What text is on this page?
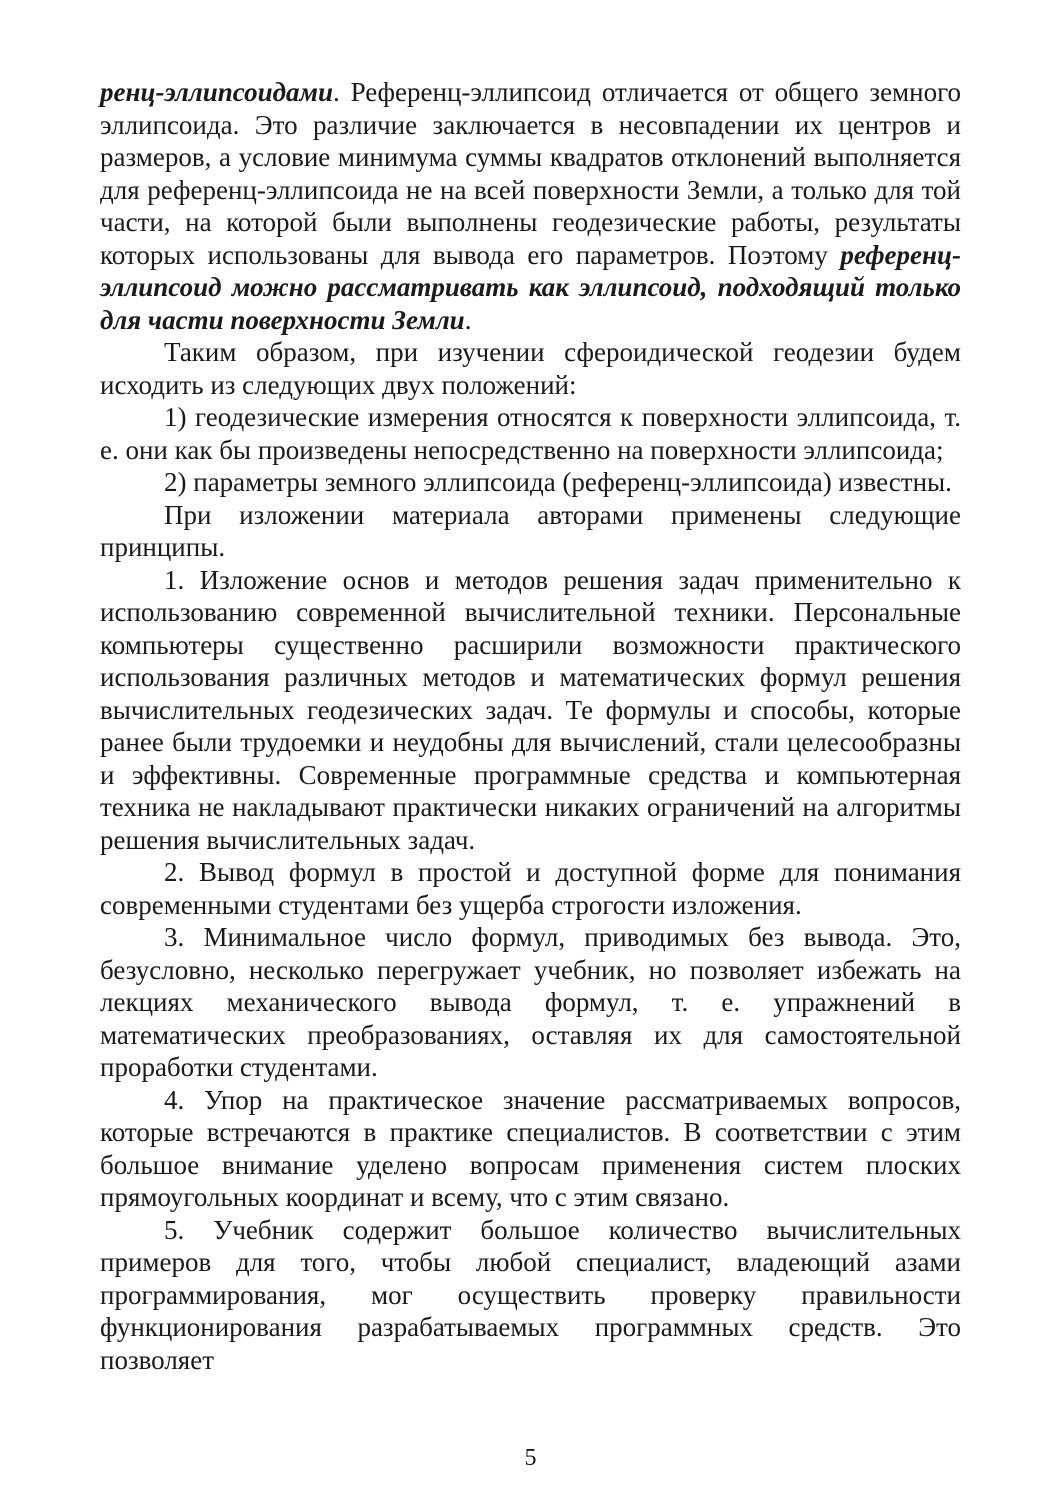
ренц-эллипсоидами. Референц-эллипсоид отличается от общего земного эллипсоида. Это различие заключается в несовпадении их центров и размеров, а условие минимума суммы квадратов отклонений выполняется для референц-эллипсоида не на всей поверхности Земли, а только для той части, на которой были выполнены геодезические работы, результаты которых использованы для вывода его параметров. Поэтому референц-эллипсоид можно рассматривать как эллипсоид, подходящий только для части поверхности Земли.

Таким образом, при изучении сфероидической геодезии будем исходить из следующих двух положений:

1) геодезические измерения относятся к поверхности эллипсоида, т. е. они как бы произведены непосредственно на поверхности эллипсоида;

2) параметры земного эллипсоида (референц-эллипсоида) известны.

При изложении материала авторами применены следующие принципы.

1. Изложение основ и методов решения задач применительно к использованию современной вычислительной техники. Персональные компьютеры существенно расширили возможности практического использования различных методов и математических формул решения вычислительных геодезических задач. Те формулы и способы, которые ранее были трудоемки и неудобны для вычислений, стали целесообразны и эффективны. Современные программные средства и компьютерная техника не накладывают практически никаких ограничений на алгоритмы решения вычислительных задач.

2. Вывод формул в простой и доступной форме для понимания современными студентами без ущерба строгости изложения.

3. Минимальное число формул, приводимых без вывода. Это, безусловно, несколько перегружает учебник, но позволяет избежать на лекциях механического вывода формул, т. е. упражнений в математических преобразованиях, оставляя их для самостоятельной проработки студентами.

4. Упор на практическое значение рассматриваемых вопросов, которые встречаются в практике специалистов. В соответствии с этим большое внимание уделено вопросам применения систем плоских прямоугольных координат и всему, что с этим связано.

5. Учебник содержит большое количество вычислительных примеров для того, чтобы любой специалист, владеющий азами программирования, мог осуществить проверку правильности функционирования разрабатываемых программных средств. Это позволяет

5
